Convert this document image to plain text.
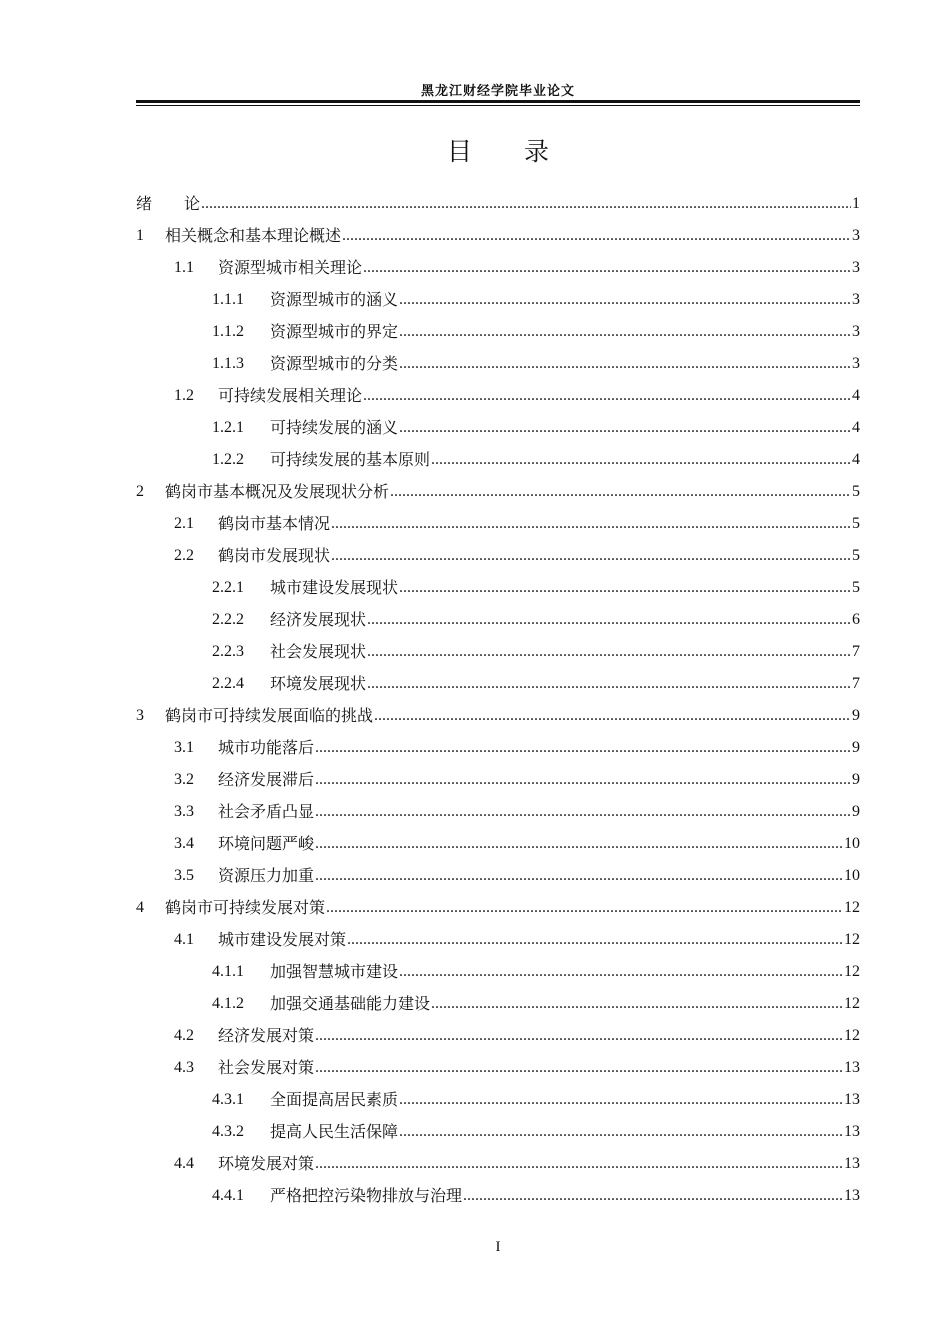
黑龙江财经学院毕业论文
目 录
绪　　论 .....	1
1	相关概念和基本理论概述 .....	3
1.1	资源型城市相关理论 .....	3
1.1.1	资源型城市的涵义 .....	3
1.1.2	资源型城市的界定 .....	3
1.1.3	资源型城市的分类 .....	3
1.2	可持续发展相关理论 .....	4
1.2.1	可持续发展的涵义 .....	4
1.2.2	可持续发展的基本原则 .....	4
2	鹤岗市基本概况及发展现状分析 .....	5
2.1	鹤岗市基本情况 .....	5
2.2	鹤岗市发展现状 .....	5
2.2.1	城市建设发展现状 .....	5
2.2.2	经济发展现状 .....	6
2.2.3	社会发展现状 .....	7
2.2.4	环境发展现状 .....	7
3	鹤岗市可持续发展面临的挑战 .....	9
3.1	城市功能落后 .....	9
3.2	经济发展滞后 .....	9
3.3	社会矛盾凸显 .....	9
3.4	环境问题严峻 .....	10
3.5	资源压力加重 .....	10
4	鹤岗市可持续发展对策 .....	12
4.1	城市建设发展对策 .....	12
4.1.1	加强智慧城市建设 .....	12
4.1.2	加强交通基础能力建设 .....	12
4.2	经济发展对策 .....	12
4.3	社会发展对策 .....	13
4.3.1	全面提高居民素质 .....	13
4.3.2	提高人民生活保障 .....	13
4.4	环境发展对策 .....	13
4.4.1	严格把控污染物排放与治理 .....	13
I
